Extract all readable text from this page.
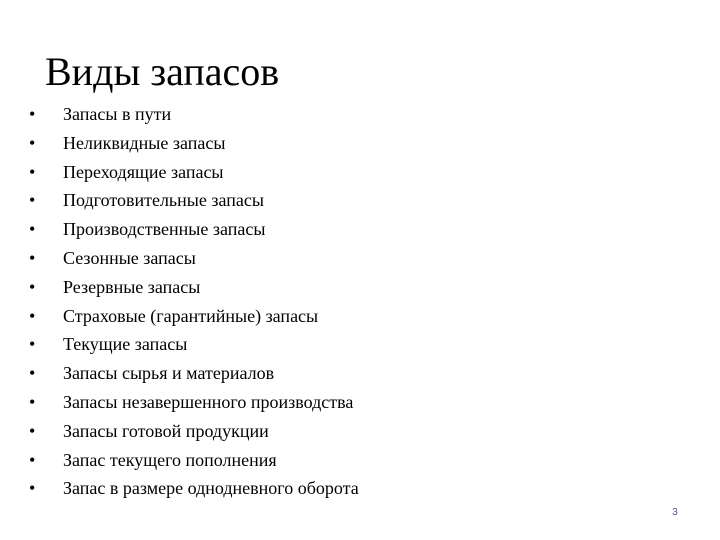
Виды запасов
• Запасы в пути
• Неликвидные запасы
• Переходящие запасы
• Подготовительные запасы
• Производственные запасы
• Сезонные запасы
• Резервные запасы
• Страховые (гарантийные) запасы
• Текущие запасы
• Запасы сырья и материалов
• Запасы незавершенного производства
• Запасы готовой продукции
• Запас текущего пополнения
• Запас в размере однодневного оборота
3
